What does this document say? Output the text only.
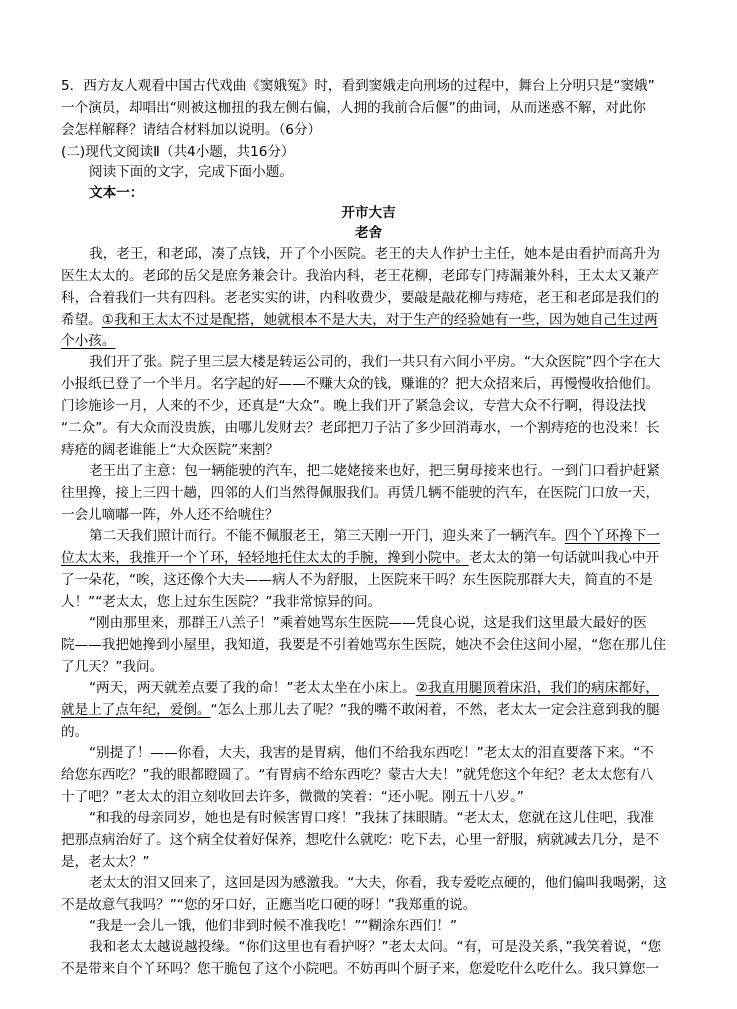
5．西方友人观看中国古代戏曲《窦娥冤》时，看到窦娥走向刑场的过程中，舞台上分明只是“窦娥”
一个演员，却唱出“则被这枷扭的我左侧右偏，人拥的我前合后偃”的曲词，从而迷惑不解，对此你
会怎样解释？请结合材料加以说明。（6分）
(二)现代文阅读Ⅱ（共4小题，共16分）
阅读下面的文字，完成下面小题。
文本一：
开市大吉
老舍
我，老王，和老邱，凑了点钱，开了个小医院。老王的夫人作护士主任，她本是由看护而高升为
医生太太的。老邱的岳父是庶务兼会计。我治内科，老王花柳，老邱专门痔漏兼外科，王太太又兼产
科，合着我们一共有四科。老老实实的讲，内科收费少，要敲是敲花柳与痔疮，老王和老邱是我们的
希望。①我和王太太不过是配搭，她就根本不是大夫，对于生产的经验她有一些，因为她自己生过两
个小孩。
我们开了张。院子里三层大楼是转运公司的，我们一共只有六间小平房。“大众医院”四个字在大
小报纸已登了一个半月。名字起的好——不赚大众的钱，赚谁的？把大众招来后，再慢慢收拾他们。
门诊施诊一月，人来的不少，还真是“大众”。晚上我们开了紧急会议，专营大众不行啊，得设法找
“二众”。有大众而没贵族，由哪儿发财去？老邱把刀子沾了多少回消毒水，一个割痔疮的也没来！长
痔疮的阔老谁能上“大众医院”来割？
老王出了主意：包一辆能驶的汽车，把二姥姥接来也好，把三舅母接来也行。一到门口看护赶紧
往里搀，接上三四十趟，四邻的人们当然得佩服我们。再赁几辆不能驶的汽车，在医院门口放一天，
一会儿嘀嘟一阵，外人还不给唬住？
第二天我们照计而行。不能不佩服老王，第三天刚一开门，迎头来了一辆汽车。四个丫环搀下一
位太太来，我推开一个丫环，轻轻地托住太太的手腕，搀到小院中。老太太的第一句话就叫我心中开
了一朵花，“唉，这还像个大夫——病人不为舒服，上医院来干吗？东生医院那群大夫，简直的不是
人！”“老太太，您上过东生医院？”我非常惊异的问。
“刚由那里来，那群王八羔子！”乘着她骂东生医院——凭良心说，这是我们这里最大最好的医
院——我把她搀到小屋里，我知道，我要是不引着她骂东生医院，她决不会住这间小屋，“您在那儿住
了几天？”我问。
“两天，两天就差点要了我的命！”老太太坐在小床上。②我直用腿顶着床沿，我们的病床都好，
就是上了点年纪，爱倒。“怎么上那儿去了呢？”我的嘴不敢闲着，不然，老太太一定会注意到我的腿
的。
“别提了！——你看，大夫，我害的是胃病，他们不给我东西吃！”老太太的泪直要落下来。“不
给您东西吃？”我的眼都瞪圆了。“有胃病不给东西吃？蒙古大夫！”就凭您这个年纪？老太太您有八
十了吧？”老太太的泪立刻收回去许多，微微的笑着：“还小呢。刚五十八岁。”
“和我的母亲同岁，她也是有时候害胃口疼！”我抹了抹眼睛。“老太太，您就在这儿住吧，我准
把那点病治好了。这个病全仗着好保养，想吃什么就吃：吃下去，心里一舒服，病就减去几分，是不
是，老太太？”
老太太的泪又回来了，这回是因为感激我。“大夫，你看，我专爱吃点硬的，他们偏叫我喝粥，这
不是故意气我吗？”“您的牙口好，正應当吃口硬的呀！”我郑重的说。
“我是一会儿一饿，他们非到时候不准我吃！”“糊涂东西们！”
我和老太太越说越投缘。“你们这里也有看护呀？”老太太问。“有，可是没关系，”我笑着说，“您
不是带来自个丫环吗？您干脆包了这个小院吧。不妨再叫个厨子来，您爱吃什么吃什么。我只算您一
